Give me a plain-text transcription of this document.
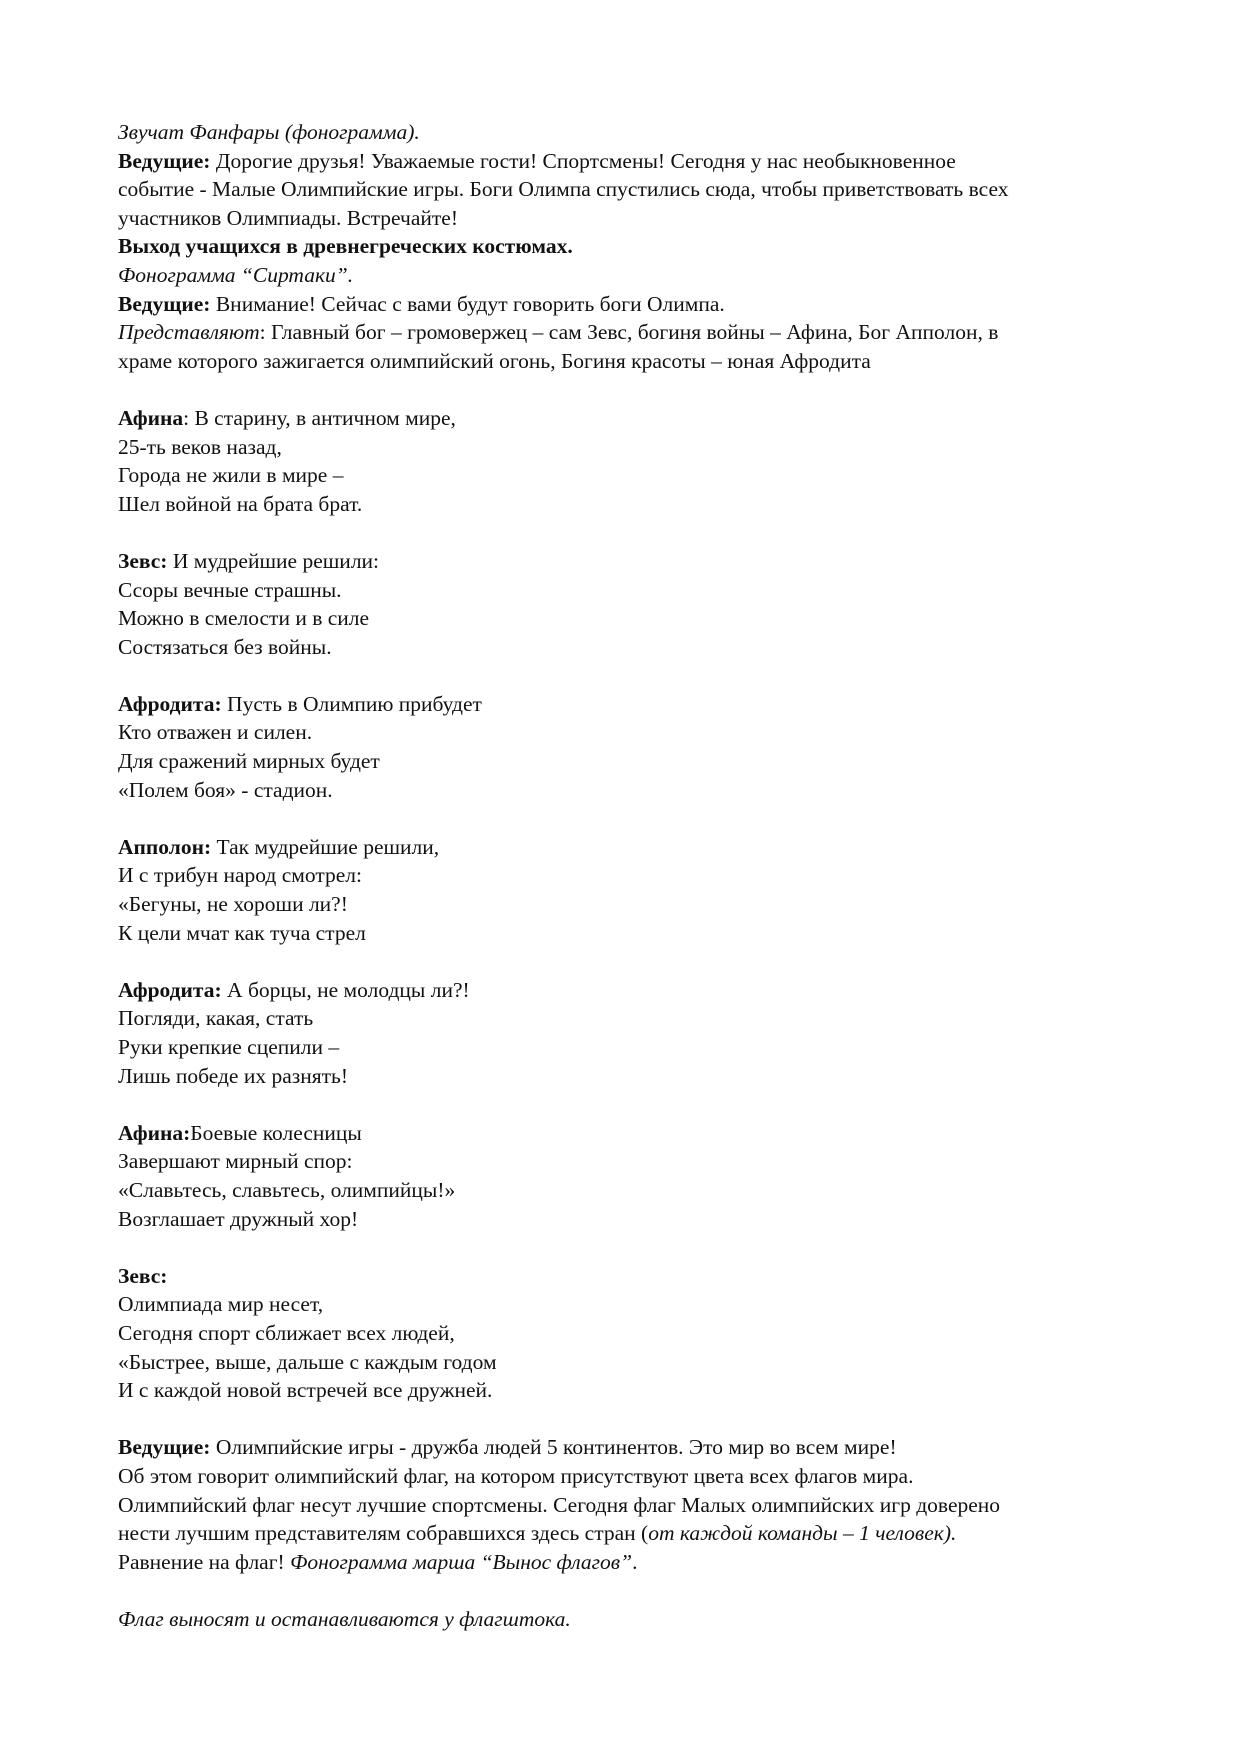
Звучат Фанфары (фонограмма).
Ведущие: Дорогие друзья! Уважаемые гости! Спортсмены! Сегодня у нас необыкновенное
событие - Малые Олимпийские игры. Боги Олимпа спустились сюда, чтобы приветствовать всех
участников Олимпиады. Встречайте!
Выход учащихся в древнегреческих костюмах.
Фонограмма “Сиртаки”.
Ведущие: Внимание! Сейчас с вами будут говорить боги Олимпа.
Представляют: Главный бог – громовержец – сам Зевс, богиня войны – Афина, Бог Апполон, в
храме которого зажигается олимпийский огонь, Богиня красоты – юная Афродита
Афина: В старину, в античном мире,
25-ть веков назад,
Города не жили в мире –
Шел войной на брата брат.
Зевс: И мудрейшие решили:
Ссоры вечные страшны.
Можно в смелости и в силе
Состязаться без войны.
Афродита: Пусть в Олимпию прибудет
Кто отважен и силен.
Для сражений мирных будет
«Полем боя» - стадион.
Апполон: Так мудрейшие решили,
И с трибун народ смотрел:
«Бегуны, не хороши ли?!
К цели мчат как туча стрел
Афродита: А борцы, не молодцы ли?!
Погляди, какая, стать
Руки крепкие сцепили –
Лишь победе их разнять!
Афина:Боевые колесницы
Завершают мирный спор:
«Славьтесь, славьтесь, олимпийцы!»
Возглашает дружный хор!
Зевс:
Олимпиада мир несет,
Сегодня спорт сближает всех людей,
«Быстрее, выше, дальше с каждым годом
И с каждой новой встречей все дружней.
Ведущие: Олимпийские игры - дружба людей 5 континентов. Это мир во всем мире!
Об этом говорит олимпийский флаг, на котором присутствуют цвета всех флагов мира.
Олимпийский флаг несут лучшие спортсмены. Сегодня флаг Малых олимпийских игр доверено
нести лучшим представителям собравшихся здесь стран (от каждой команды – 1 человек).
Равнение на флаг! Фонограмма марша “Вынос флагов”.
Флаг выносят и останавливаются у флагштока.
